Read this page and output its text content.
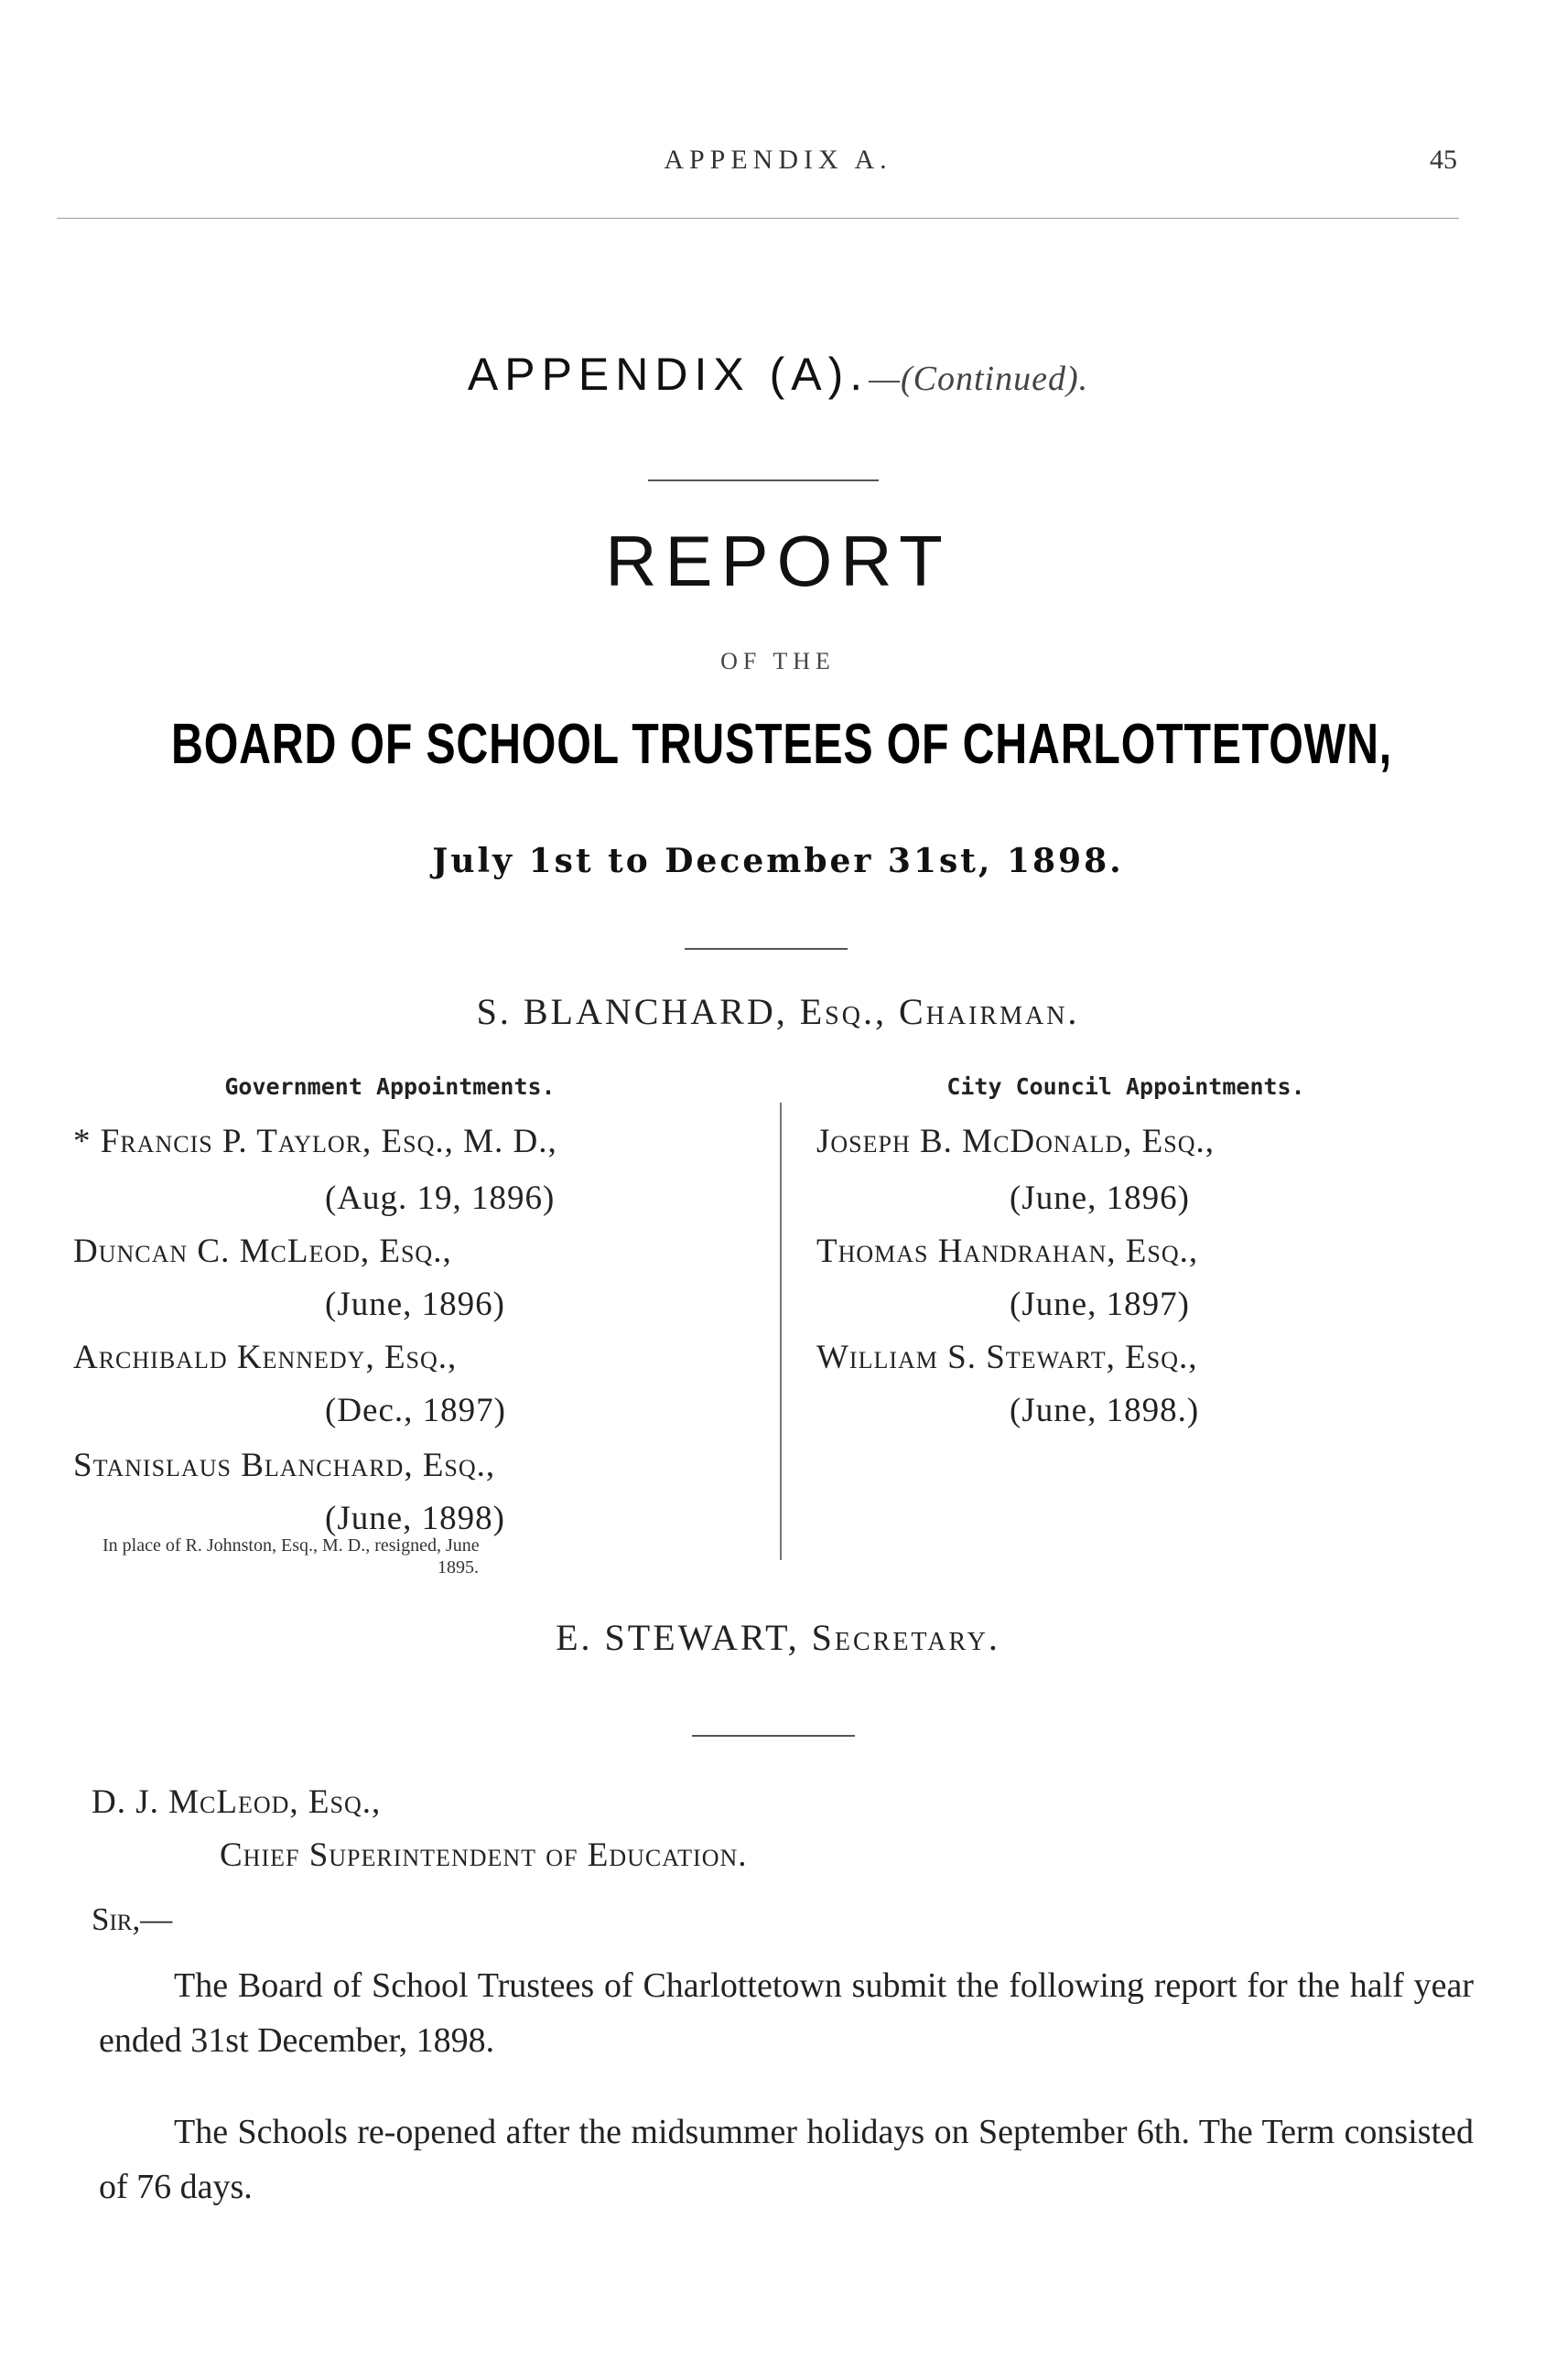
APPENDIX A.	45
APPENDIX (A).—(Continued).
REPORT
OF THE
BOARD OF SCHOOL TRUSTEES OF CHARLOTTETOWN,
July 1st to December 31st, 1898.
S. BLANCHARD, Esq., Chairman.
Government Appointments.
* Francis P. Taylor, Esq., M. D.,
(Aug. 19, 1896)
Duncan C. McLeod, Esq.,
(June, 1896)
Archibald Kennedy, Esq.,
(Dec., 1897)
Stanislaus Blanchard, Esq.,
(June, 1898)
In place of R. Johnston, Esq., M. D., resigned, June
1895.
City Council Appointments.
Joseph B. McDonald, Esq.,
(June, 1896)
Thomas Handrahan, Esq.,
(June, 1897)
William S. Stewart, Esq.,
(June, 1898.)
E. STEWART, Secretary.
D. J. McLeod, Esq.,
Chief Superintendent of Education.
Sir,—
The Board of School Trustees of Charlottetown submit the following report for the half year ended 31st December, 1898.
The Schools re-opened after the midsummer holidays on September 6th. The Term consisted of 76 days.
